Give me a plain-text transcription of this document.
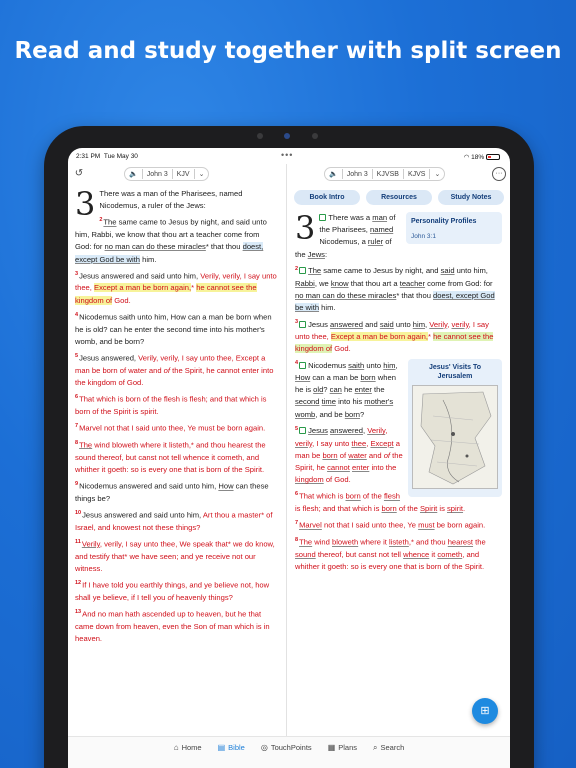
Read and study together with split screen
2:31 PM Tue May 30	•••	◠ 18%
↺	🔈 John 3 KJV ⌄
3 There was a man of the Pharisees, named Nicodemus, a ruler of the Jews:
$^2$The same came to Jesus by night, and said unto him, Rabbi, we know that thou art a teacher come from God: for no man can do these miracles* that thou doest, except God be with him.
$^3$Jesus answered and said unto him, Verily, verily, I say unto thee, Except a man be born again,* he cannot see the kingdom of God.
$^4$Nicodemus saith unto him, How can a man be born when he is old? can he enter the second time into his mother's womb, and be born?
$^5$Jesus answered, Verily, verily, I say unto thee, Except a man be born of water and of the Spirit, he cannot enter into the kingdom of God.
$^6$That which is born of the flesh is flesh; and that which is born of the Spirit is spirit.
$^7$Marvel not that I said unto thee, Ye must be born again.
$^8$The wind bloweth where it listeth,* and thou hearest the sound thereof, but canst not tell whence it cometh, and whither it goeth: so is every one that is born of the Spirit.
$^9$Nicodemus answered and said unto him, How can these things be?
$^{10}$Jesus answered and said unto him, Art thou a master* of Israel, and knowest not these things?
$^{11}$Verily, verily, I say unto thee, We speak that* we do know, and testify that* we have seen; and ye receive not our witness.
$^{12}$If I have told you earthly things, and ye believe not, how shall ye believe, if I tell you of heavenly things?
$^{13}$And no man hath ascended up to heaven, but he that came down from heaven, even the Son of man which is in heaven.
🔈 John 3 KJVSB KJVS ⌄	···
Book Intro	Resources	Study Notes
Personality Profiles
John 3:1
3	There was a man of the Pharisees, named Nicodemus, a ruler of the Jews:
$^2$ The same came to Jesus by night, and said unto him, Rabbi, we know that thou art a teacher come from God: for no man can do these miracles* that thou doest, except God be with him.
$^3$ Jesus answered and said unto him, Verily, verily, I say unto thee, Except a man be born again,* he cannot see the kingdom of God.
Jesus' Visits To Jerusalem
$^4$ Nicodemus saith unto him, How can a man be born when he is old? can he enter the second time into his mother's womb, and be born?
$^5$ Jesus answered, Verily, verily, I say unto thee, Except a man be born of water and of the Spirit, he cannot enter into the kingdom of God.
$^6$That which is born of the flesh is flesh; and that which is born of the Spirit is spirit.
$^7$Marvel not that I said unto thee, Ye must be born again.
$^8$The wind bloweth where it listeth,* and thou hearest the sound thereof, but canst not tell whence it cometh, and whither it goeth: so is every one that is born of the Spirit.
⊞
⌂ Home ▤ Bible ◎ TouchPoints ▦ Plans ⌕ Search
